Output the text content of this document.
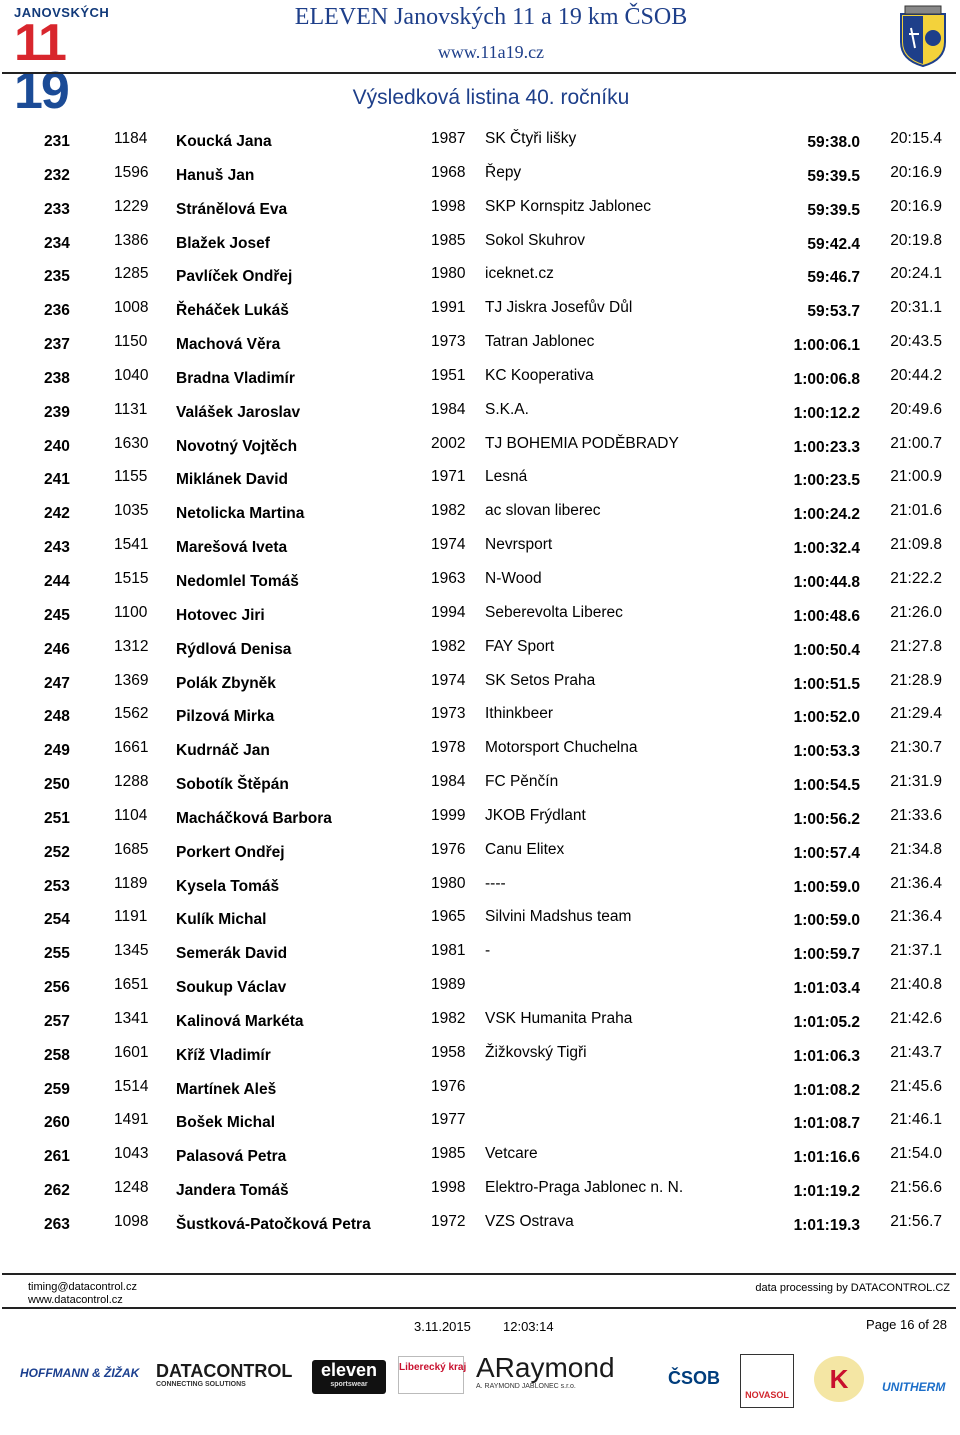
JANOVSKÝCH
11 19
ELEVEN Janovských 11 a 19 km ČSOB
www.11a19.cz
Výsledková listina 40. ročníku
231	1184 Koucká Jana	1987 SK Čtyři lišky	59:38.0 20:15.4
232	1596 Hanuš Jan	1968 Řepy	59:39.5 20:16.9
233	1229 Stránělová Eva	1998 SKP Kornspitz Jablonec	59:39.5 20:16.9
234	1386 Blažek Josef	1985 Sokol Skuhrov	59:42.4 20:19.8
235	1285 Pavlíček Ondřej	1980 iceknet.cz	59:46.7 20:24.1
236	1008 Řeháček Lukáš	1991 TJ Jiskra Josefův Důl	59:53.7 20:31.1
237	1150 Machová Věra	1973 Tatran Jablonec	1:00:06.1 20:43.5
238	1040 Bradna Vladimír	1951 KC Kooperativa	1:00:06.8 20:44.2
239	1131 Valášek Jaroslav	1984 S.K.A.	1:00:12.2 20:49.6
240	1630 Novotný Vojtěch	2002 TJ BOHEMIA PODĚBRADY	1:00:23.3 21:00.7
241	1155 Miklánek David	1971 Lesná	1:00:23.5 21:00.9
242	1035 Netolicka Martina	1982 ac slovan liberec	1:00:24.2 21:01.6
243	1541 Marešová Iveta	1974 Nevrsport	1:00:32.4 21:09.8
244	1515 Nedomlel Tomáš	1963 N-Wood	1:00:44.8 21:22.2
245	1100 Hotovec Jiri	1994 Seberevolta Liberec	1:00:48.6 21:26.0
246	1312 Rýdlová Denisa	1982 FAY Sport	1:00:50.4 21:27.8
247	1369 Polák Zbyněk	1974 SK Setos Praha	1:00:51.5 21:28.9
248	1562 Pilzová Mirka	1973 Ithinkbeer	1:00:52.0 21:29.4
249	1661 Kudrnáč Jan	1978 Motorsport Chuchelna	1:00:53.3 21:30.7
250	1288 Sobotík Štěpán	1984 FC Pěnčín	1:00:54.5 21:31.9
251	1104 Macháčková Barbora	1999 JKOB Frýdlant	1:00:56.2 21:33.6
252	1685 Porkert Ondřej	1976 Canu Elitex	1:00:57.4 21:34.8
253	1189 Kysela Tomáš	1980 ----	1:00:59.0 21:36.4
254	1191 Kulík Michal	1965 Silvini Madshus team	1:00:59.0 21:36.4
255	1345 Semerák David	1981 -	1:00:59.7 21:37.1
256	1651 Soukup Václav	1989	1:01:03.4 21:40.8
257	1341 Kalinová Markéta	1982 VSK Humanita Praha	1:01:05.2 21:42.6
258	1601 Kříž Vladimír	1958 Žižkovský Tigři	1:01:06.3 21:43.7
259	1514 Martínek Aleš	1976	1:01:08.2 21:45.6
260	1491 Bošek Michal	1977	1:01:08.7 21:46.1
261	1043 Palasová Petra	1985 Vetcare	1:01:16.6 21:54.0
262	1248 Jandera Tomáš	1998 Elektro-Praga Jablonec n. N.	1:01:19.2 21:56.6
263	1098 Šustková-Patočková Petra	1972 VZS Ostrava	1:01:19.3 21:56.7
timing@datacontrol.cz
www.datacontrol.cz
data processing by DATACONTROL.CZ
3.11.2015 12:03:14	Page 16 of 28
HOFFMANN & ŽIŽAK DATACONTROL
CONNECTING SOLUTIONS
eleven
sportswear
Liberecký kraj ARaymond
A. RAYMOND JABLONEC s.r.o.	ČSOB
NOVASOL
K	UNITHERM
